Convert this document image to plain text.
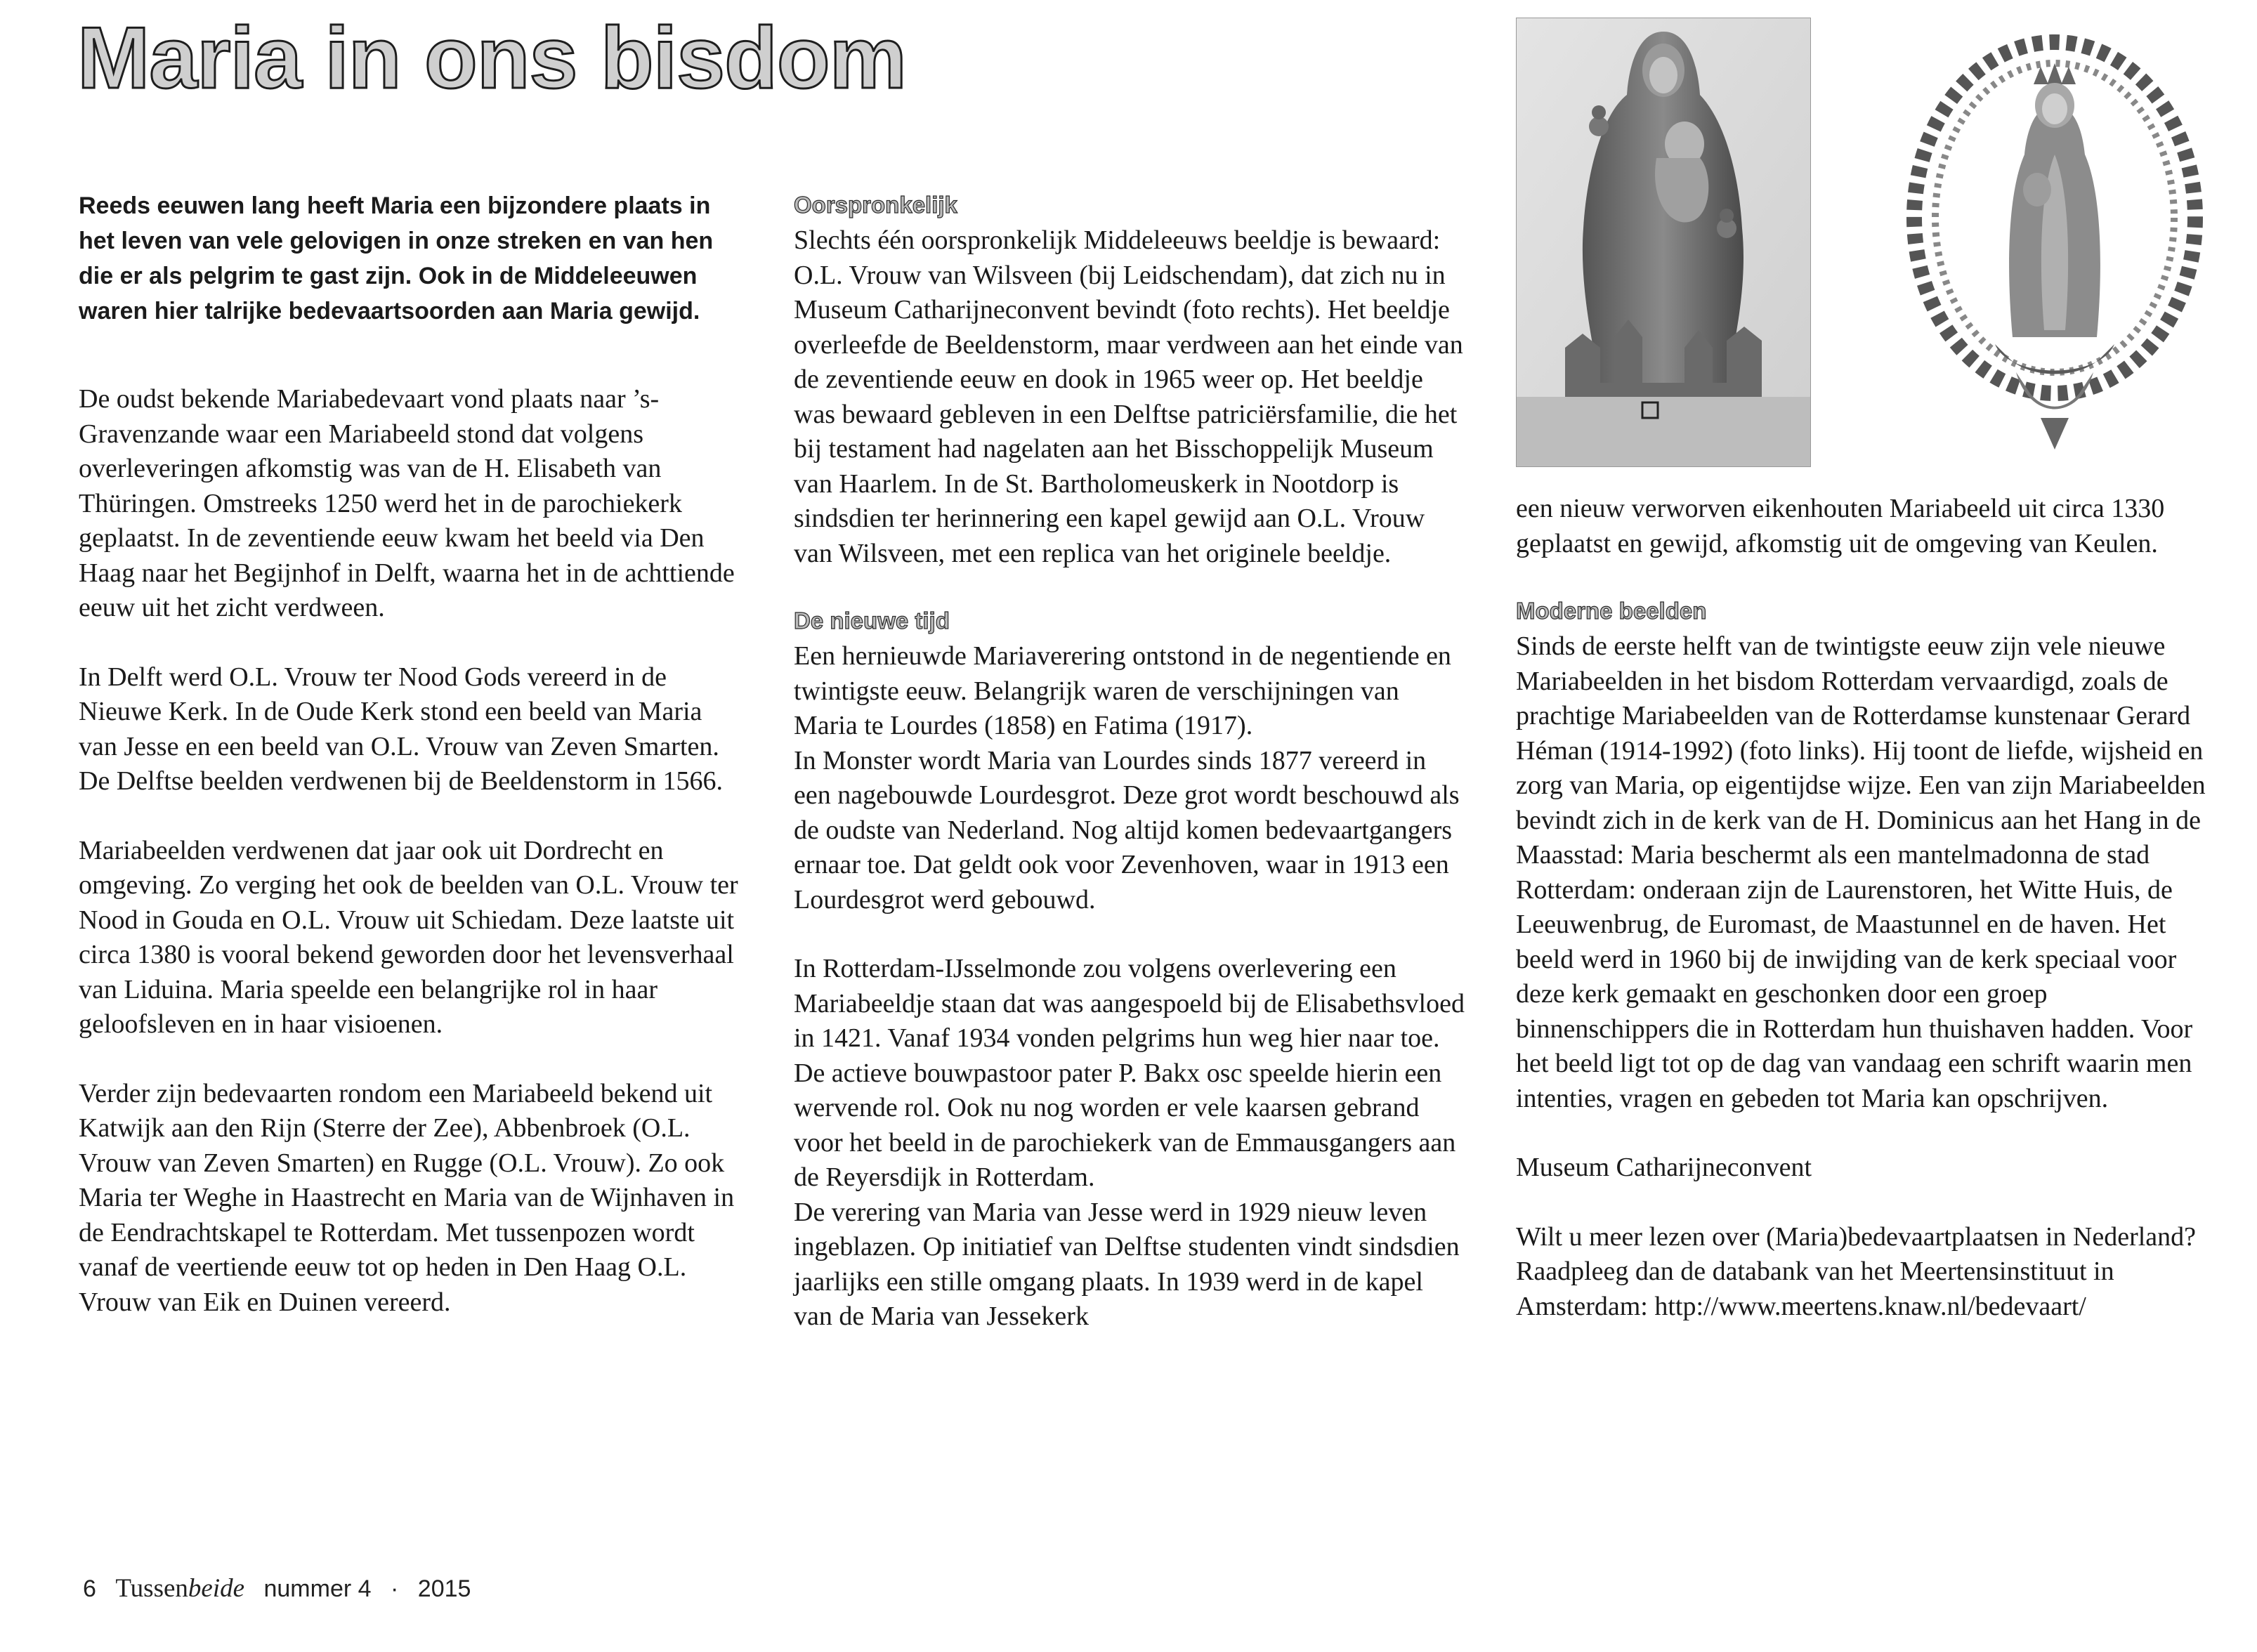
Maria in ons bisdom

Reeds eeuwen lang heeft Maria een bijzondere plaats in het leven van vele gelovigen in onze streken en van hen die er als pelgrim te gast zijn. Ook in de Middeleeuwen waren hier talrijke bedevaartsoorden aan Maria gewijd.

De oudst bekende Mariabedevaart vond plaats naar ’s-Gravenzande waar een Mariabeeld stond dat volgens overleveringen afkomstig was van de H. Elisabeth van Thüringen. Omstreeks 1250 werd het in de parochiekerk geplaatst. In de zeventiende eeuw kwam het beeld via Den Haag naar het Begijnhof in Delft, waarna het in de achttiende eeuw uit het zicht verdween.

In Delft werd O.L. Vrouw ter Nood Gods vereerd in de Nieuwe Kerk. In de Oude Kerk stond een beeld van Maria van Jesse en een beeld van O.L. Vrouw van Zeven Smarten. De Delftse beelden verdwenen bij de Beeldenstorm in 1566.

Mariabeelden verdwenen dat jaar ook uit Dordrecht en omgeving. Zo verging het ook de beelden van O.L. Vrouw ter Nood in Gouda en O.L. Vrouw uit Schiedam. Deze laatste uit circa 1380 is vooral bekend geworden door het levensverhaal van Liduina. Maria speelde een belangrijke rol in haar geloofsleven en in haar visioenen.

Verder zijn bedevaarten rondom een Mariabeeld bekend uit Katwijk aan den Rijn (Sterre der Zee), Abbenbroek (O.L. Vrouw van Zeven Smarten) en Rugge (O.L. Vrouw). Zo ook Maria ter Weghe in Haastrecht en Maria van de Wijnhaven in de Eendrachtskapel te Rotterdam. Met tussenpozen wordt vanaf de veertiende eeuw tot op heden in Den Haag O.L. Vrouw van Eik en Duinen vereerd.

Oorspronkelijk

Slechts één oorspronkelijk Middeleeuws beeldje is bewaard: O.L. Vrouw van Wilsveen (bij Leidschendam), dat zich nu in Museum Catharijneconvent bevindt (foto rechts). Het beeldje overleefde de Beeldenstorm, maar verdween aan het einde van de zeventiende eeuw en dook in 1965 weer op. Het beeldje was bewaard gebleven in een Delftse patriciërsfamilie, die het bij testament had nagelaten aan het Bisschoppelijk Museum van Haarlem. In de St. Bartholomeuskerk in Nootdorp is sindsdien ter herinnering een kapel gewijd aan O.L. Vrouw van Wilsveen, met een replica van het originele beeldje.

De nieuwe tijd

Een hernieuwde Mariaverering ontstond in de negentiende en twintigste eeuw. Belangrijk waren de verschijningen van Maria te Lourdes (1858) en Fatima (1917).

In Monster wordt Maria van Lourdes sinds 1877 vereerd in een nagebouwde Lourdesgrot. Deze grot wordt beschouwd als de oudste van Nederland. Nog altijd komen bedevaartgangers ernaar toe. Dat geldt ook voor Zevenhoven, waar in 1913 een Lourdesgrot werd gebouwd.

In Rotterdam-IJsselmonde zou volgens overlevering een Mariabeeldje staan dat was aangespoeld bij de Elisabethsvloed in 1421. Vanaf 1934 vonden pelgrims hun weg hier naar toe. De actieve bouwpastoor pater P. Bakx osc speelde hierin een wervende rol. Ook nu nog worden er vele kaarsen gebrand voor het beeld in de parochiekerk van de Emmausgangers aan de Reyersdijk in Rotterdam.

De verering van Maria van Jesse werd in 1929 nieuw leven ingeblazen. Op initiatief van Delftse studenten vindt sindsdien jaarlijks een stille omgang plaats. In 1939 werd in de kapel van de Maria van Jessekerk

een nieuw verworven eikenhouten Mariabeeld uit circa 1330 geplaatst en gewijd, afkomstig uit de omgeving van Keulen.

Moderne beelden

Sinds de eerste helft van de twintigste eeuw zijn vele nieuwe Mariabeelden in het bisdom Rotterdam vervaardigd, zoals de prachtige Mariabeelden van de Rotterdamse kunstenaar Gerard Héman (1914-1992) (foto links). Hij toont de liefde, wijsheid en zorg van Maria, op eigentijdse wijze. Een van zijn Mariabeelden bevindt zich in de kerk van de H. Dominicus aan het Hang in de Maasstad: Maria beschermt als een mantelmadonna de stad Rotterdam: onderaan zijn de Laurenstoren, het Witte Huis, de Leeuwenbrug, de Euromast, de Maastunnel en de haven. Het beeld werd in 1960 bij de inwijding van de kerk speciaal voor deze kerk gemaakt en geschonken door een groep binnenschippers die in Rotterdam hun thuishaven hadden. Voor het beeld ligt tot op de dag van vandaag een schrift waarin men intenties, vragen en gebeden tot Maria kan opschrijven.

Museum Catharijneconvent

Wilt u meer lezen over (Maria)bedevaartplaatsen in Nederland? Raadpleeg dan de databank van het Meertensinstituut in Amsterdam: http://www.meertens.knaw.nl/bedevaart/

6 Tussenbeide nummer 4 · 2015
